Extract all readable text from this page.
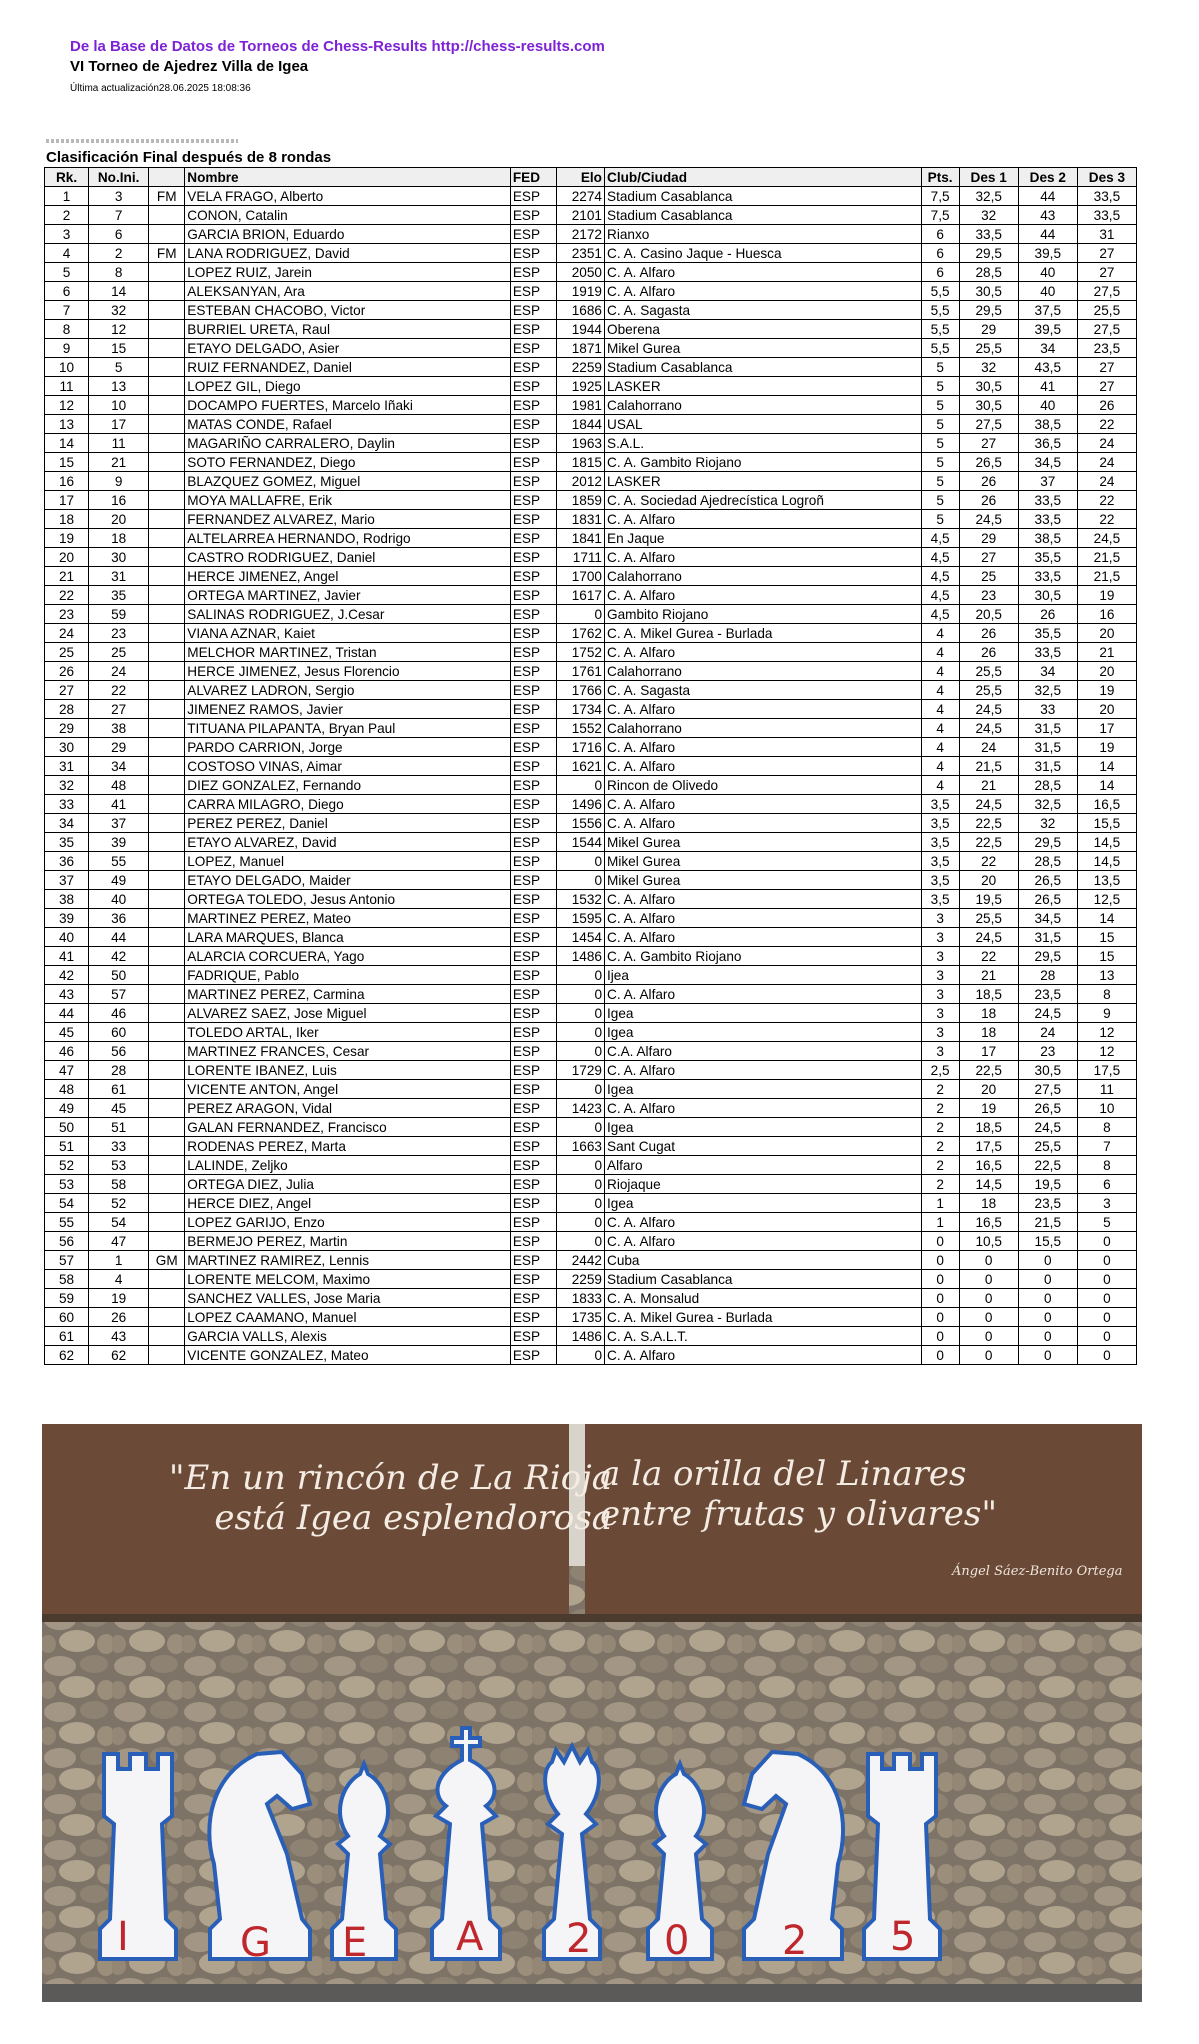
De la Base de Datos de Torneos de Chess-Results http://chess-results.com
VI Torneo de Ajedrez Villa de Igea
Última actualización28.06.2025 18:08:36
Clasificación Final después de 8 rondas
Rk.	No.Ini.		Nombre	FED	Elo	Club/Ciudad	Pts.	Des 1	Des 2	Des 3
1	3	FM	VELA FRAGO, Alberto	ESP	2274	Stadium Casablanca	7,5	32,5	44	33,5
2	7		CONON, Catalin	ESP	2101	Stadium Casablanca	7,5	32	43	33,5
3	6		GARCIA BRION, Eduardo	ESP	2172	Rianxo	6	33,5	44	31
4	2	FM	LANA RODRIGUEZ, David	ESP	2351	C. A. Casino Jaque - Huesca	6	29,5	39,5	27
5	8		LOPEZ RUIZ, Jarein	ESP	2050	C. A. Alfaro	6	28,5	40	27
6	14		ALEKSANYAN, Ara	ESP	1919	C. A. Alfaro	5,5	30,5	40	27,5
7	32		ESTEBAN CHACOBO, Victor	ESP	1686	C. A. Sagasta	5,5	29,5	37,5	25,5
8	12		BURRIEL URETA, Raul	ESP	1944	Oberena	5,5	29	39,5	27,5
9	15		ETAYO DELGADO, Asier	ESP	1871	Mikel Gurea	5,5	25,5	34	23,5
10	5		RUIZ FERNANDEZ, Daniel	ESP	2259	Stadium Casablanca	5	32	43,5	27
11	13		LOPEZ GIL, Diego	ESP	1925	LASKER	5	30,5	41	27
12	10		DOCAMPO FUERTES, Marcelo Iñaki	ESP	1981	Calahorrano	5	30,5	40	26
13	17		MATAS CONDE, Rafael	ESP	1844	USAL	5	27,5	38,5	22
14	11		MAGARIÑO CARRALERO, Daylin	ESP	1963	S.A.L.	5	27	36,5	24
15	21		SOTO FERNANDEZ, Diego	ESP	1815	C. A. Gambito Riojano	5	26,5	34,5	24
16	9		BLAZQUEZ GOMEZ, Miguel	ESP	2012	LASKER	5	26	37	24
17	16		MOYA MALLAFRE, Erik	ESP	1859	C. A. Sociedad Ajedrecística Logroñ	5	26	33,5	22
18	20		FERNANDEZ ALVAREZ, Mario	ESP	1831	C. A. Alfaro	5	24,5	33,5	22
19	18		ALTELARREA HERNANDO, Rodrigo	ESP	1841	En Jaque	4,5	29	38,5	24,5
20	30		CASTRO RODRIGUEZ, Daniel	ESP	1711	C. A. Alfaro	4,5	27	35,5	21,5
21	31		HERCE JIMENEZ, Angel	ESP	1700	Calahorrano	4,5	25	33,5	21,5
22	35		ORTEGA MARTINEZ, Javier	ESP	1617	C. A. Alfaro	4,5	23	30,5	19
23	59		SALINAS RODRIGUEZ, J.Cesar	ESP	0	Gambito Riojano	4,5	20,5	26	16
24	23		VIANA AZNAR, Kaiet	ESP	1762	C. A. Mikel Gurea - Burlada	4	26	35,5	20
25	25		MELCHOR MARTINEZ, Tristan	ESP	1752	C. A. Alfaro	4	26	33,5	21
26	24		HERCE JIMENEZ, Jesus Florencio	ESP	1761	Calahorrano	4	25,5	34	20
27	22		ALVAREZ LADRON, Sergio	ESP	1766	C. A. Sagasta	4	25,5	32,5	19
28	27		JIMENEZ RAMOS, Javier	ESP	1734	C. A. Alfaro	4	24,5	33	20
29	38		TITUANA PILAPANTA, Bryan Paul	ESP	1552	Calahorrano	4	24,5	31,5	17
30	29		PARDO CARRION, Jorge	ESP	1716	C. A. Alfaro	4	24	31,5	19
31	34		COSTOSO VINAS, Aimar	ESP	1621	C. A. Alfaro	4	21,5	31,5	14
32	48		DIEZ GONZALEZ, Fernando	ESP	0	Rincon de Olivedo	4	21	28,5	14
33	41		CARRA MILAGRO, Diego	ESP	1496	C. A. Alfaro	3,5	24,5	32,5	16,5
34	37		PEREZ PEREZ, Daniel	ESP	1556	C. A. Alfaro	3,5	22,5	32	15,5
35	39		ETAYO ALVAREZ, David	ESP	1544	Mikel Gurea	3,5	22,5	29,5	14,5
36	55		LOPEZ, Manuel	ESP	0	Mikel Gurea	3,5	22	28,5	14,5
37	49		ETAYO DELGADO, Maider	ESP	0	Mikel Gurea	3,5	20	26,5	13,5
38	40		ORTEGA TOLEDO, Jesus Antonio	ESP	1532	C. A. Alfaro	3,5	19,5	26,5	12,5
39	36		MARTINEZ PEREZ, Mateo	ESP	1595	C. A. Alfaro	3	25,5	34,5	14
40	44		LARA MARQUES, Blanca	ESP	1454	C. A. Alfaro	3	24,5	31,5	15
41	42		ALARCIA CORCUERA, Yago	ESP	1486	C. A. Gambito Riojano	3	22	29,5	15
42	50		FADRIQUE, Pablo	ESP	0	Ijea	3	21	28	13
43	57		MARTINEZ PEREZ, Carmina	ESP	0	C. A. Alfaro	3	18,5	23,5	8
44	46		ALVAREZ SAEZ, Jose Miguel	ESP	0	Igea	3	18	24,5	9
45	60		TOLEDO ARTAL, Iker	ESP	0	Igea	3	18	24	12
46	56		MARTINEZ FRANCES, Cesar	ESP	0	C.A. Alfaro	3	17	23	12
47	28		LORENTE IBANEZ, Luis	ESP	1729	C. A. Alfaro	2,5	22,5	30,5	17,5
48	61		VICENTE ANTON, Angel	ESP	0	Igea	2	20	27,5	11
49	45		PEREZ ARAGON, Vidal	ESP	1423	C. A. Alfaro	2	19	26,5	10
50	51		GALAN FERNANDEZ, Francisco	ESP	0	Igea	2	18,5	24,5	8
51	33		RODENAS PEREZ, Marta	ESP	1663	Sant Cugat	2	17,5	25,5	7
52	53		LALINDE, Zeljko	ESP	0	Alfaro	2	16,5	22,5	8
53	58		ORTEGA DIEZ, Julia	ESP	0	Riojaque	2	14,5	19,5	6
54	52		HERCE DIEZ, Angel	ESP	0	Igea	1	18	23,5	3
55	54		LOPEZ GARIJO, Enzo	ESP	0	C. A. Alfaro	1	16,5	21,5	5
56	47		BERMEJO PEREZ, Martin	ESP	0	C. A. Alfaro	0	10,5	15,5	0
57	1	GM	MARTINEZ RAMIREZ, Lennis	ESP	2442	Cuba	0	0	0	0
58	4		LORENTE MELCOM, Maximo	ESP	2259	Stadium Casablanca	0	0	0	0
59	19		SANCHEZ VALLES, Jose Maria	ESP	1833	C. A. Monsalud	0	0	0	0
60	26		LOPEZ CAAMANO, Manuel	ESP	1735	C. A. Mikel Gurea - Burlada	0	0	0	0
61	43		GARCIA VALLS, Alexis	ESP	1486	C. A. S.A.L.T.	0	0	0	0
62	62		VICENTE GONZALEZ, Mateo	ESP	0	C. A. Alfaro	0	0	0	0
"En un rincón de La Rioja
está Igea esplendorosa
a la orilla del Linares
entre frutas y olivares"
Ángel Sáez-Benito Ortega
I	G E A 2 0 2 5
